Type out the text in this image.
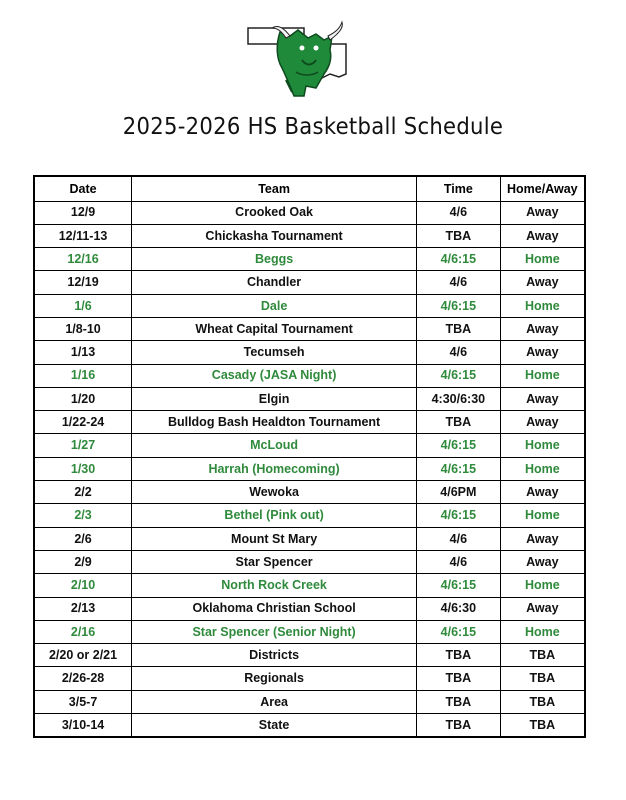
2025-2026 HS Basketball Schedule
Date	Team	Time	Home/Away
12/9	Crooked Oak	4/6	Away
12/11-13	Chickasha Tournament	TBA	Away
12/16	Beggs	4/6:15	Home
12/19	Chandler	4/6	Away
1/6	Dale	4/6:15	Home
1/8-10	Wheat Capital Tournament	TBA	Away
1/13	Tecumseh	4/6	Away
1/16	Casady (JASA Night)	4/6:15	Home
1/20	Elgin	4:30/6:30	Away
1/22-24	Bulldog Bash Healdton Tournament	TBA	Away
1/27	McLoud	4/6:15	Home
1/30	Harrah (Homecoming)	4/6:15	Home
2/2	Wewoka	4/6PM	Away
2/3	Bethel (Pink out)	4/6:15	Home
2/6	Mount St Mary	4/6	Away
2/9	Star Spencer	4/6	Away
2/10	North Rock Creek	4/6:15	Home
2/13	Oklahoma Christian School	4/6:30	Away
2/16	Star Spencer (Senior Night)	4/6:15	Home
2/20 or 2/21	Districts	TBA	TBA
2/26-28	Regionals	TBA	TBA
3/5-7	Area	TBA	TBA
3/10-14	State	TBA	TBA
